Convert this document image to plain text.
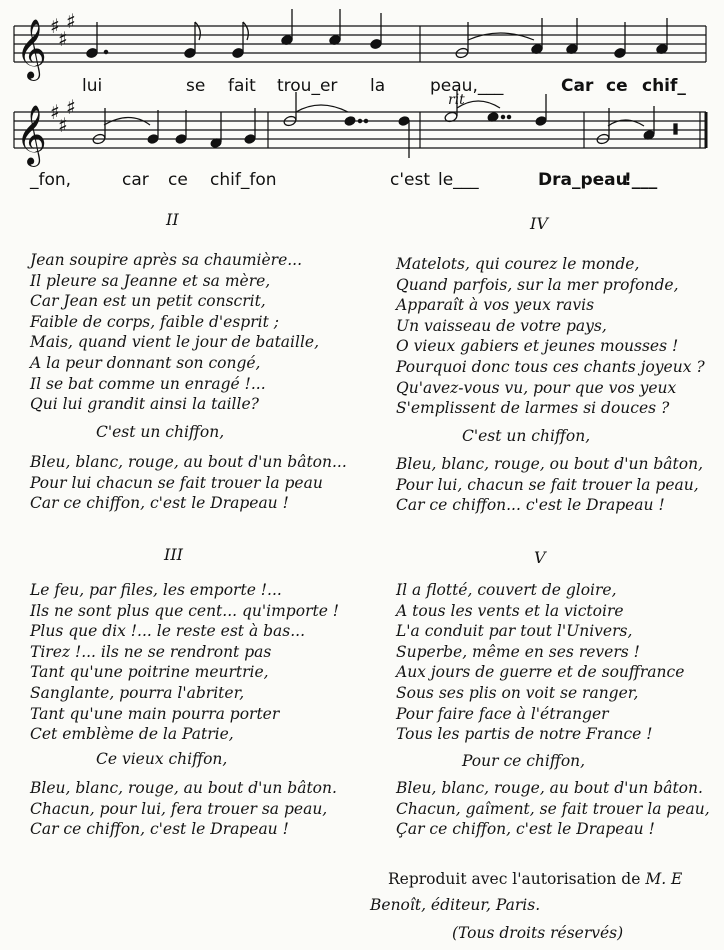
𝄞
𝄞
♯
♯
♯
♯
♯
♯
lui	se fait trou_er la	peau,___	Car ce chif_
rit
_fon,	car ce chif_fon	c'est le___	Dra_peau
!___
II
Jean soupire après sa chaumière...
Il pleure sa Jeanne et sa mère,
Car Jean est un petit conscrit,
Faible de corps, faible d'esprit ;
Mais, quand vient le jour de bataille,
A la peur donnant son congé,
Il se bat comme un enragé !...
Qui lui grandit ainsi la taille?
C'est un chiffon,
Bleu, blanc, rouge, au bout d'un bâton...
Pour lui chacun se fait trouer la peau
Car ce chiffon, c'est le Drapeau !
IV
Matelots, qui courez le monde,
Quand parfois, sur la mer profonde,
Apparaît à vos yeux ravis
Un vaisseau de votre pays,
O vieux gabiers et jeunes mousses !
Pourquoi donc tous ces chants joyeux ?
Qu'avez-vous vu, pour que vos yeux
S'emplissent de larmes si douces ?
C'est un chiffon,
Bleu, blanc, rouge, ou bout d'un bâton,
Pour lui, chacun se fait trouer la peau,
Car ce chiffon... c'est le Drapeau !
III
Le feu, par files, les emporte !...
Ils ne sont plus que cent... qu'importe !
Plus que dix !... le reste est à bas...
Tirez !... ils ne se rendront pas
Tant qu'une poitrine meurtrie,
Sanglante, pourra l'abriter,
Tant qu'une main pourra porter
Cet emblème de la Patrie,
Ce vieux chiffon,
Bleu, blanc, rouge, au bout d'un bâton.
Chacun, pour lui, fera trouer sa peau,
Car ce chiffon, c'est le Drapeau !
V
Il a flotté, couvert de gloire,
A tous les vents et la victoire
L'a conduit par tout l'Univers,
Superbe, même en ses revers !
Aux jours de guerre et de souffrance
Sous ses plis on voit se ranger,
Pour faire face à l'étranger
Tous les partis de notre France !
Pour ce chiffon,
Bleu, blanc, rouge, au bout d'un bâton.
Chacun, gaîment, se fait trouer la peau,
Çar ce chiffon, c'est le Drapeau !
Reproduit avec l'autorisation de M. E
Benoît, éditeur, Paris.
(Tous droits réservés)
